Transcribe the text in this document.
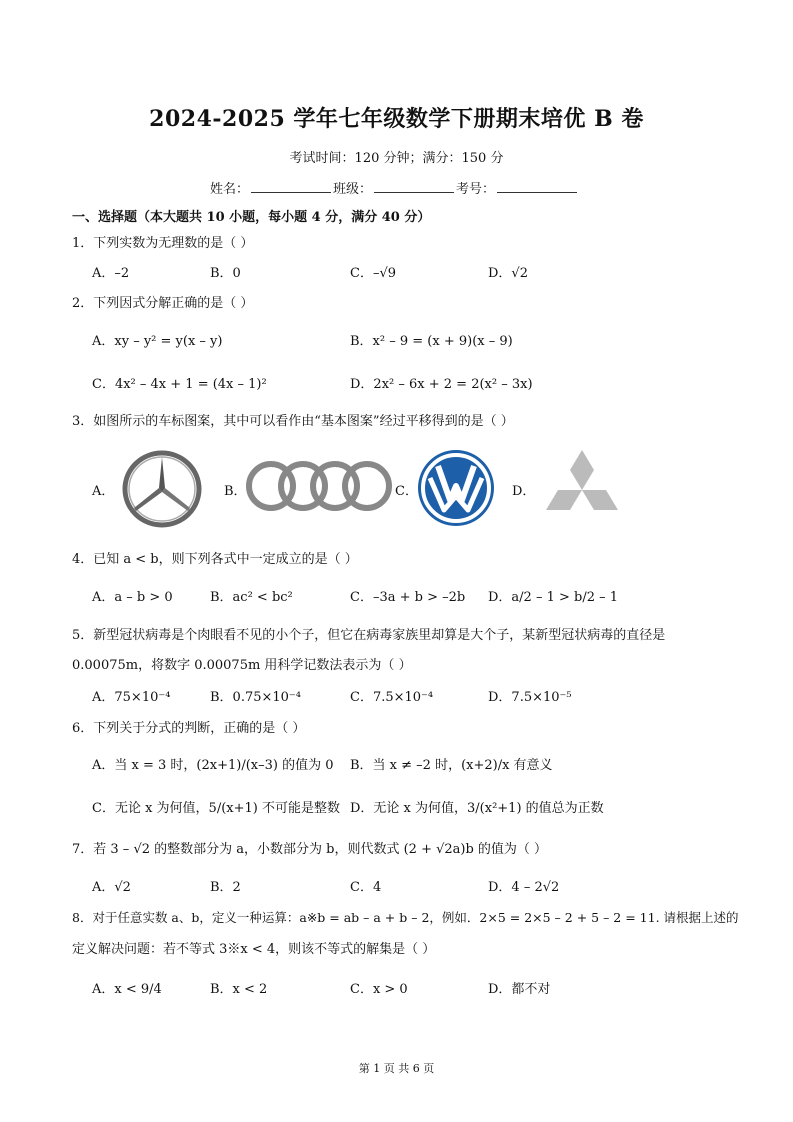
2024-2025 学年七年级数学下册期末培优 B 卷
考试时间：120 分钟；满分：150 分
姓名：	班级：	考号：
一、选择题（本大题共 10 小题，每小题 4 分，满分 40 分）
1．下列实数为无理数的是（ ）
A．–2	B．0	C．–√9	D．√2
2．下列因式分解正确的是（ ）
A．xy – y² = y(x – y)	B．x² – 9 = (x + 9)(x – 9)
C．4x² – 4x + 1 = (4x – 1)²	D．2x² – 6x + 2 = 2(x² – 3x)
3．如图所示的车标图案，其中可以看作由“基本图案”经过平移得到的是（ ）
A．	B．	C．	D．
4．已知 a < b，则下列各式中一定成立的是（ ）
A．a – b > 0	B．ac² < bc²	C．–3a + b > –2b D．a/2 – 1 > b/2 – 1
5．新型冠状病毒是个肉眼看不见的小个子，但它在病毒家族里却算是大个子，某新型冠状病毒的直径是
0.00075m，将数字 0.00075m 用科学记数法表示为（ ）
A．75×10⁻⁴	B．0.75×10⁻⁴	C．7.5×10⁻⁴	D．7.5×10⁻⁵
6．下列关于分式的判断，正确的是（ ）
A．当 x = 3 时，(2x+1)/(x–3) 的值为 0 B．当 x ≠ –2 时，(x+2)/x 有意义
C．无论 x 为何值，5/(x+1) 不可能是整数 D．无论 x 为何值，3/(x²+1) 的值总为正数
7．若 3 – √2 的整数部分为 a，小数部分为 b，则代数式 (2 + √2a)b 的值为（ ）
A．√2	B．2	C．4	D．4 – 2√2
8．对于任意实数 a、b，定义一种运算：a※b = ab – a + b – 2，例如．2×5 = 2×5 – 2 + 5 – 2 = 11. 请根据上述的
定义解决问题：若不等式 3※x < 4，则该不等式的解集是（ ）
A．x < 9/4	B．x < 2	C．x > 0	D．都不对
第 1 页 共 6 页
